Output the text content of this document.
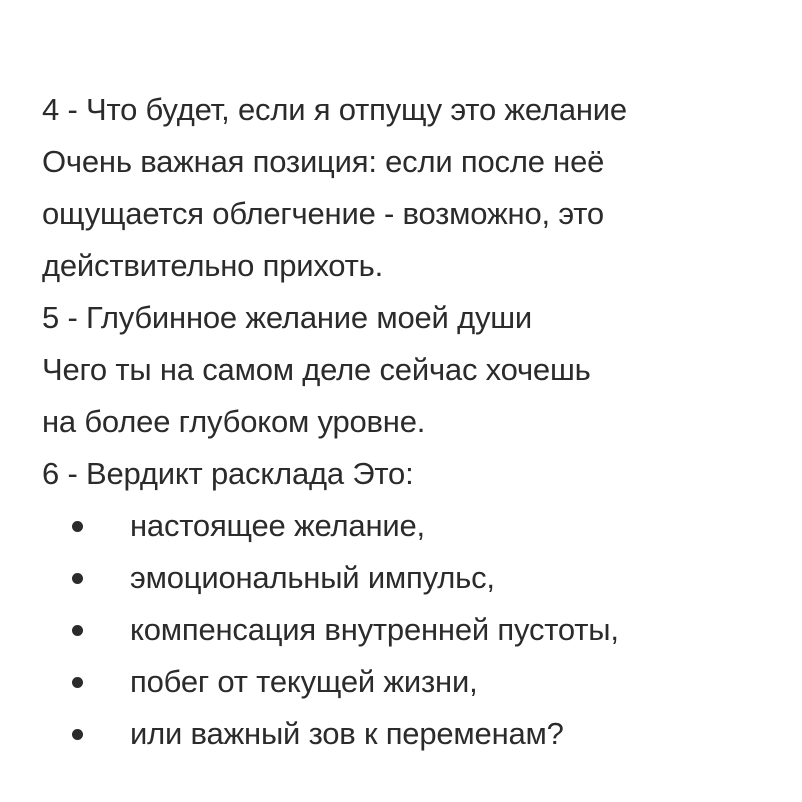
4 - Что будет, если я отпущу это желание
Очень важная позиция: если после неё
ощущается облегчение - возможно, это
действительно прихоть.
5 - Глубинное желание моей души
Чего ты на самом деле сейчас хочешь
на более глубоком уровне.
6 - Вердикт расклада Это:
настоящее желание,
эмоциональный импульс,
компенсация внутренней пустоты,
побег от текущей жизни,
или важный зов к переменам?
